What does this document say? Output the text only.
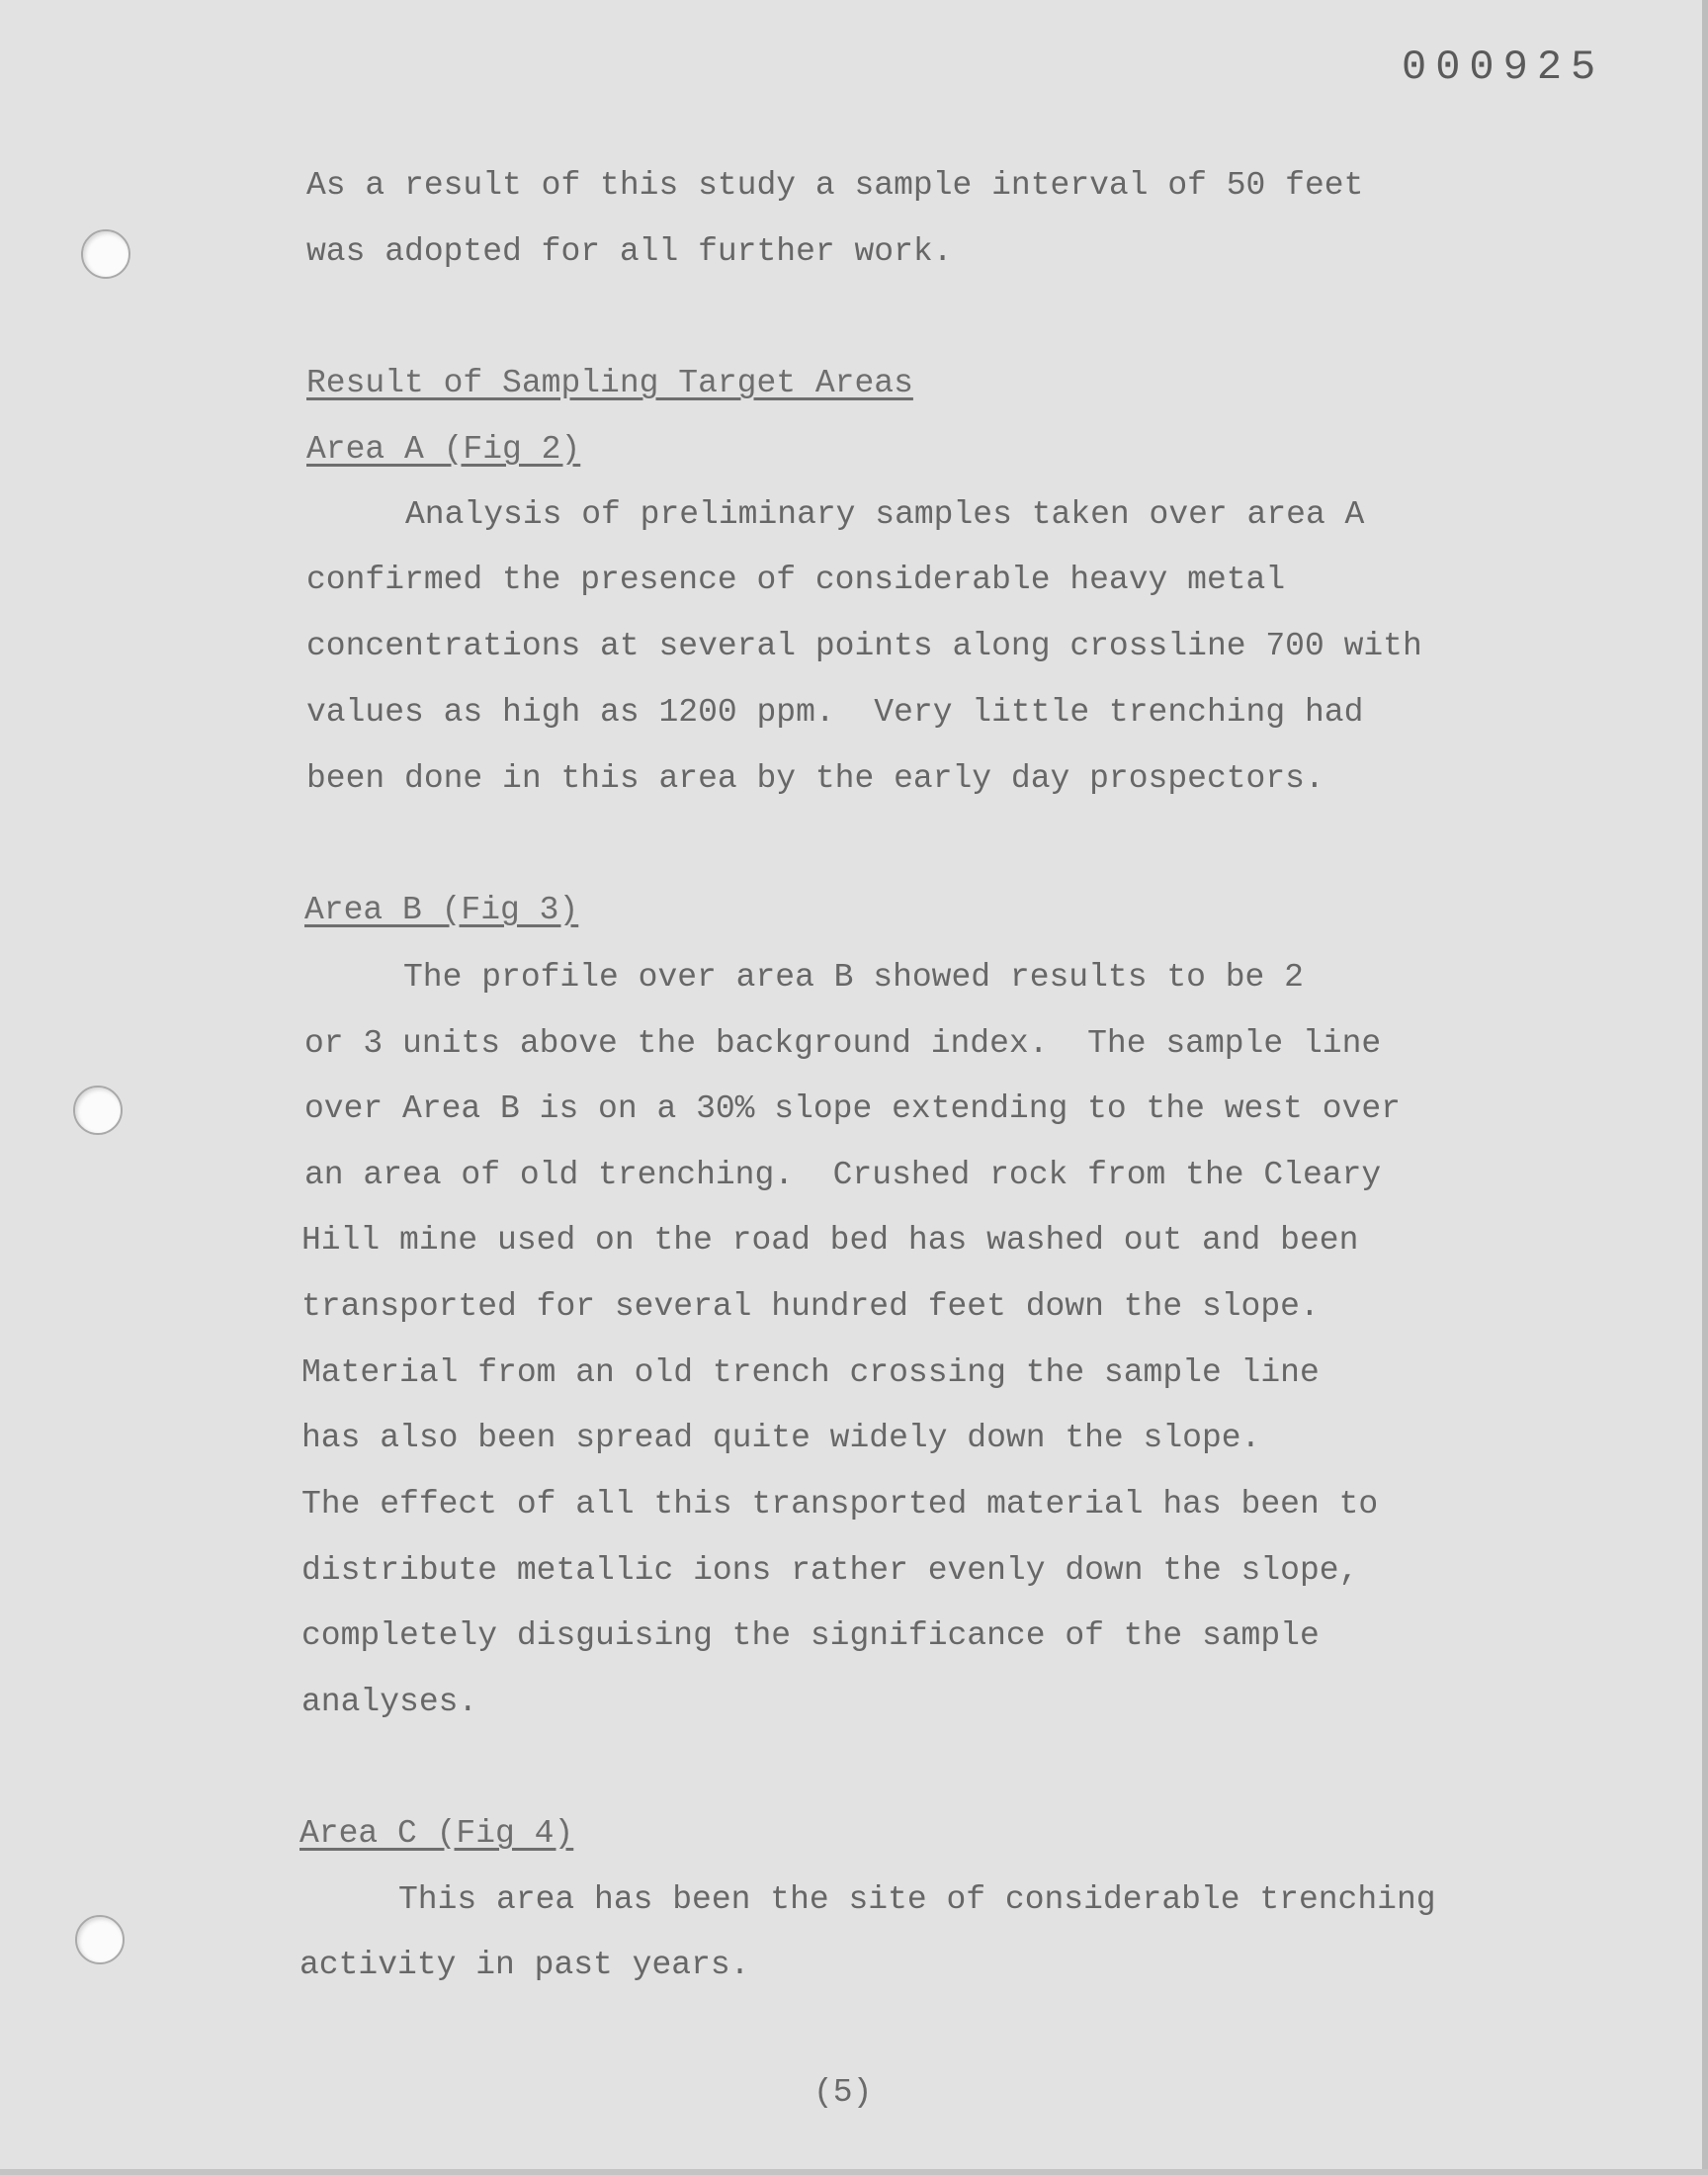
000925
As a result of this study a sample interval of 50 feet
was adopted for all further work.
Result of Sampling Target Areas
Area A (Fig 2)
Analysis of preliminary samples taken over area A
confirmed the presence of considerable heavy metal
concentrations at several points along crossline 700 with
values as high as 1200 ppm.  Very little trenching had
been done in this area by the early day prospectors.
Area B (Fig 3)
The profile over area B showed results to be 2
or 3 units above the background index.  The sample line
over Area B is on a 30% slope extending to the west over
an area of old trenching.  Crushed rock from the Cleary
Hill mine used on the road bed has washed out and been
transported for several hundred feet down the slope.
Material from an old trench crossing the sample line
has also been spread quite widely down the slope.
The effect of all this transported material has been to
distribute metallic ions rather evenly down the slope,
completely disguising the significance of the sample
analyses.
Area C (Fig 4)
This area has been the site of considerable trenching
activity in past years.
(5)
